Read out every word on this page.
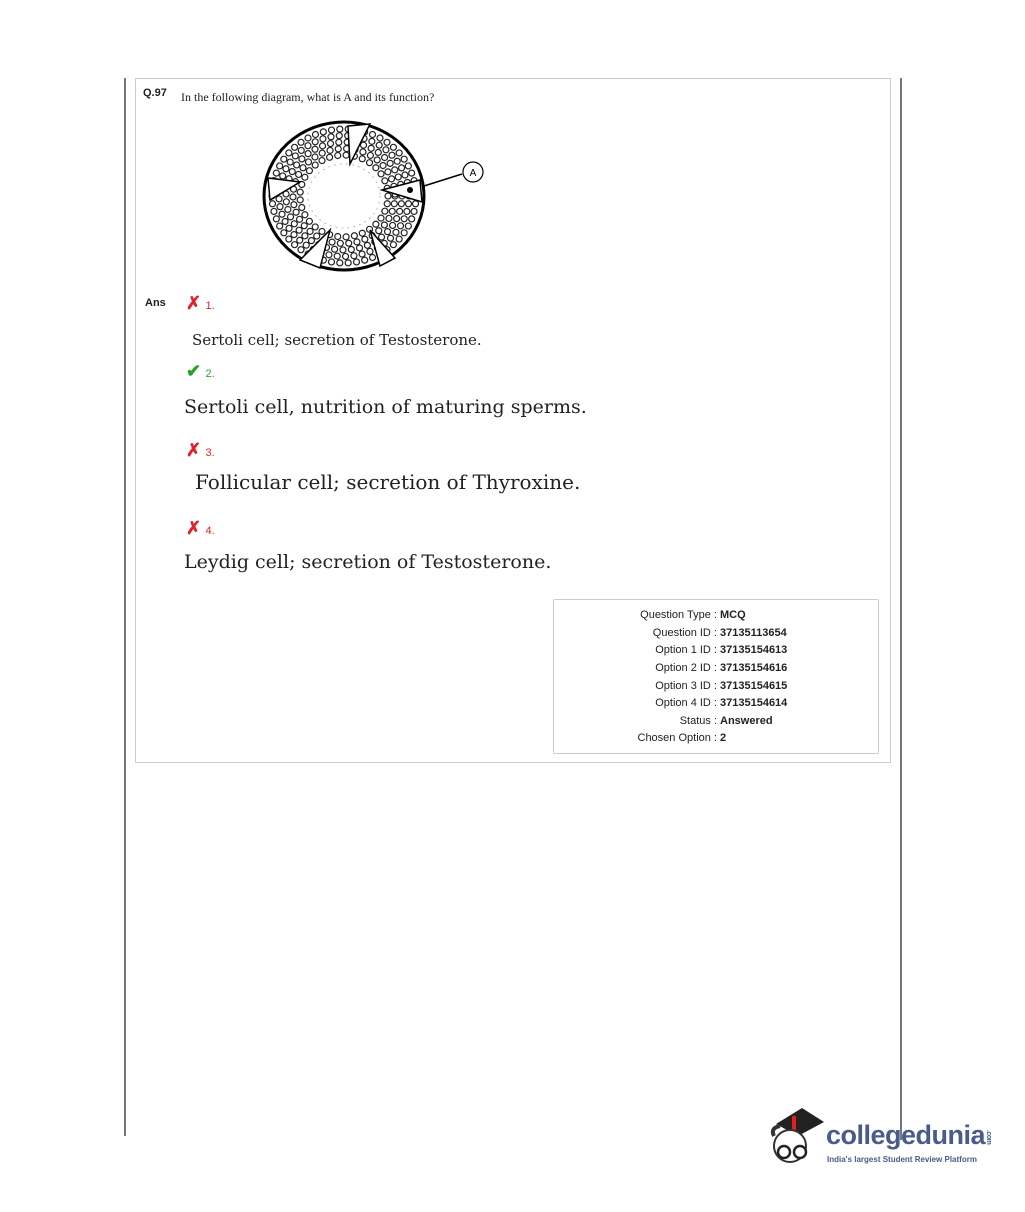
Q.97 In the following diagram, what is A and its function?
A
Ans ✗ 1.
Sertoli cell; secretion of Testosterone.
✔ 2.
Sertoli cell, nutrition of maturing sperms.
✗ 3.
Follicular cell; secretion of Thyroxine.
✗ 4.
Leydig cell; secretion of Testosterone.
Question Type : MCQ
Question ID : 37135113654
Option 1 ID : 37135154613
Option 2 ID : 37135154616
Option 3 ID : 37135154615
Option 4 ID : 37135154614
Status : Answered
Chosen Option : 2
collegedunia.com
India's largest Student Review Platform
